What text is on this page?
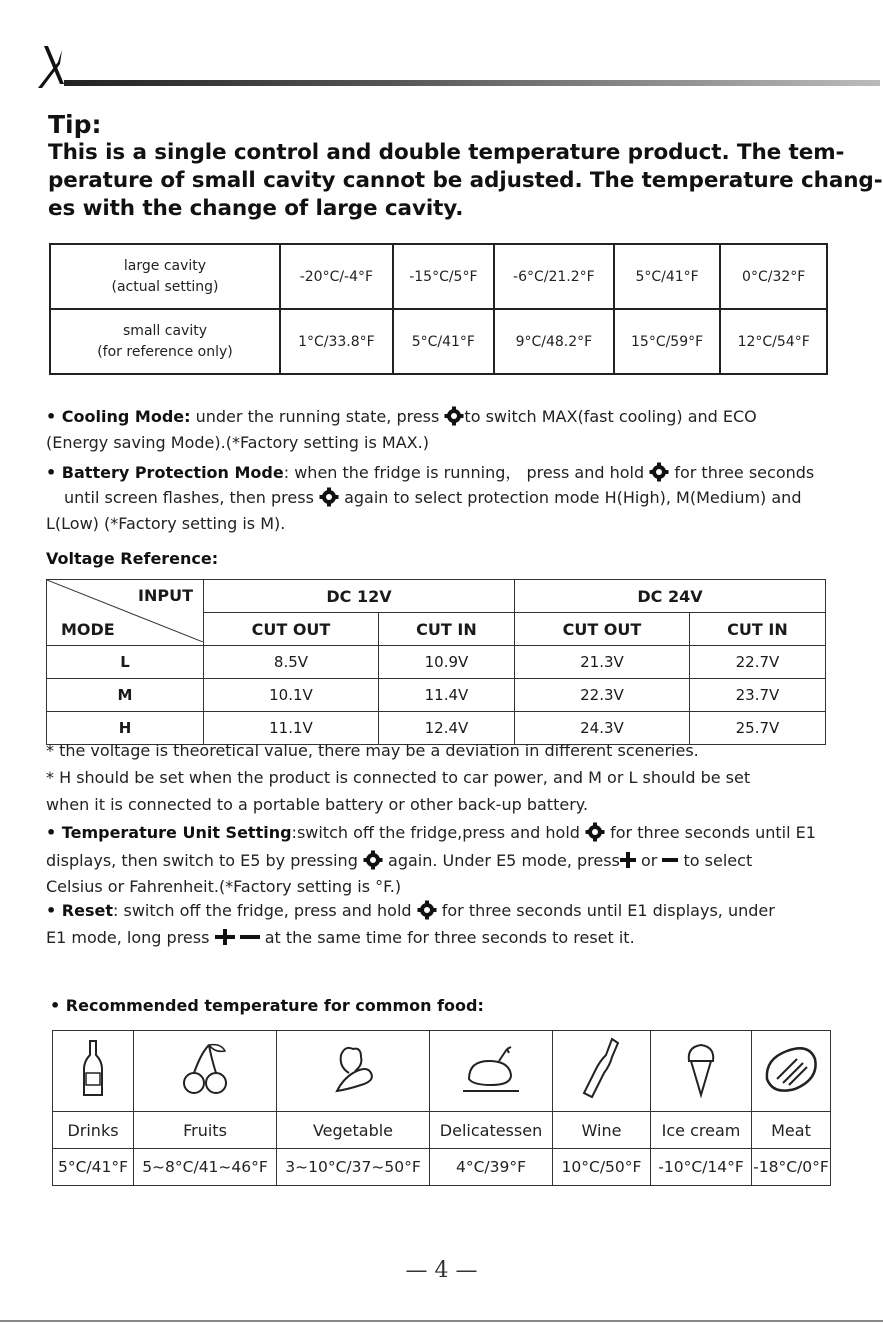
Tip:
This is a single control and double temperature product. The tem-
perature of small cavity cannot be adjusted. The temperature chang-
es with the change of large cavity.
large cavity
(actual setting)	-20°C/-4°F	-15°C/5°F	-6°C/21.2°F	5°C/41°F	0°C/32°F
small cavity
(for reference only)	1°C/33.8°F	5°C/41°F	9°C/48.2°F	15°C/59°F	12°C/54°F
• Cooling Mode: under the running state, press to switch MAX(fast cooling) and ECO
(Energy saving Mode).(*Factory setting is MAX.)
• Battery Protection Mode: when the fridge is running， press and hold  for three seconds
until screen flashes, then press  again to select protection mode H(High), M(Medium) and
L(Low) (*Factory setting is M).
Voltage Reference:
INPUT
MODE	DC 12V		DC 24V	
	CUT OUT	CUT IN	CUT OUT	CUT IN
L	8.5V	10.9V	21.3V	22.7V
M	10.1V	11.4V	22.3V	23.7V
H	11.1V	12.4V	24.3V	25.7V
* the voltage is theoretical value, there may be a deviation in different sceneries.
* H should be set when the product is connected to car power, and M or L should be set
when it is connected to a portable battery or other back-up battery.
• Temperature Unit Setting:switch off the fridge,press and hold  for three seconds until E1
displays, then switch to E5 by pressing  again. Under E5 mode, press or  to select
Celsius or Fahrenheit.(*Factory setting is °F.)
• Reset: switch off the fridge, press and hold  for three seconds until E1 displays, under
E1 mode, long press	at the same time for three seconds to reset it.
• Recommended temperature for common food:

Drinks	Fruits	Vegetable	Delicatessen	Wine	Ice cream	Meat
5°C/41°F	5~8°C/41~46°F	3~10°C/37~50°F	4°C/39°F	10°C/50°F	-10°C/14°F	-18°C/0°F
— 4 —
